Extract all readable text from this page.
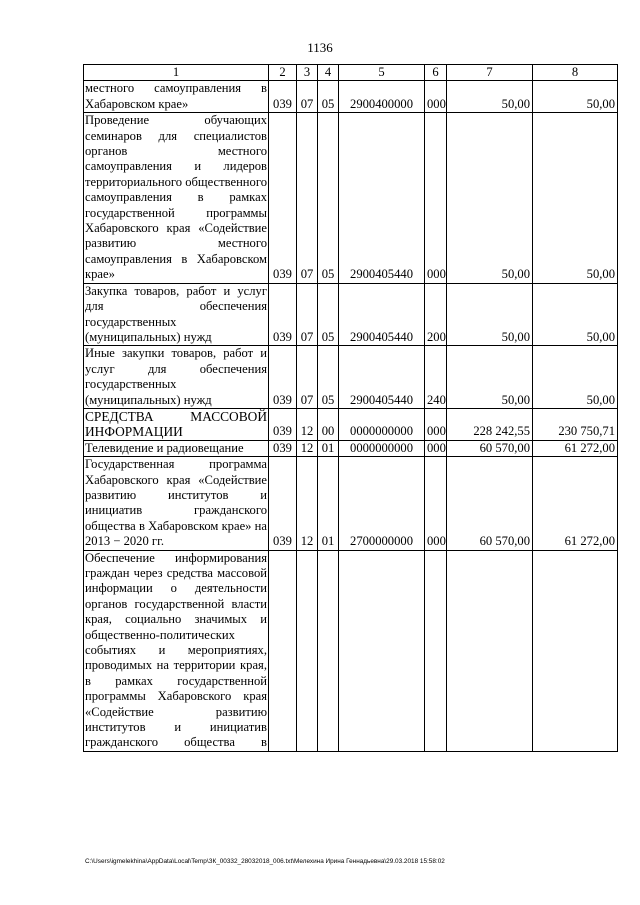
1136
1	2	3	4	5	6	7	8
местного самоуправления в Хабаровском крае»	039	07	05	2900400000	000	50,00	50,00
Проведение обучающих семинаров для специалистов органов местного самоуправления и лидеров территориального общественного самоуправления в рамках государственной программы Хабаровского края «Содействие развитию местного самоуправления в Хабаровском крае»	039	07	05	2900405440	000	50,00	50,00
Закупка товаров, работ и услуг для обеспечения государственных (муниципальных) нужд	039	07	05	2900405440	200	50,00	50,00
Иные закупки товаров, работ и услуг для обеспечения государственных (муниципальных) нужд	039	07	05	2900405440	240	50,00	50,00
СРЕДСТВА МАССОВОЙ ИНФОРМАЦИИ	039	12	00	0000000000	000	228 242,55	230 750,71
Телевидение и радиовещание	039	12	01	0000000000	000	60 570,00	61 272,00
Государственная программа Хабаровского края «Содействие развитию институтов и инициатив гражданского общества в Хабаровском крае» на 2013 − 2020 гг.	039	12	01	2700000000	000	60 570,00	61 272,00
Обеспечение информирования граждан через средства массовой информации о деятельности органов государственной власти края, социально значимых и общественно-политических событиях и мероприятиях, проводимых на территории края, в рамках государственной программы Хабаровского края «Содействие развитию институтов и инициатив гражданского общества в							
C:\Users\igmelekhina\AppData\Local\Temp\ЗК_00332_28032018_006.txt\Мелехина Ирина Геннадьевна\29.03.2018 15:58:02
